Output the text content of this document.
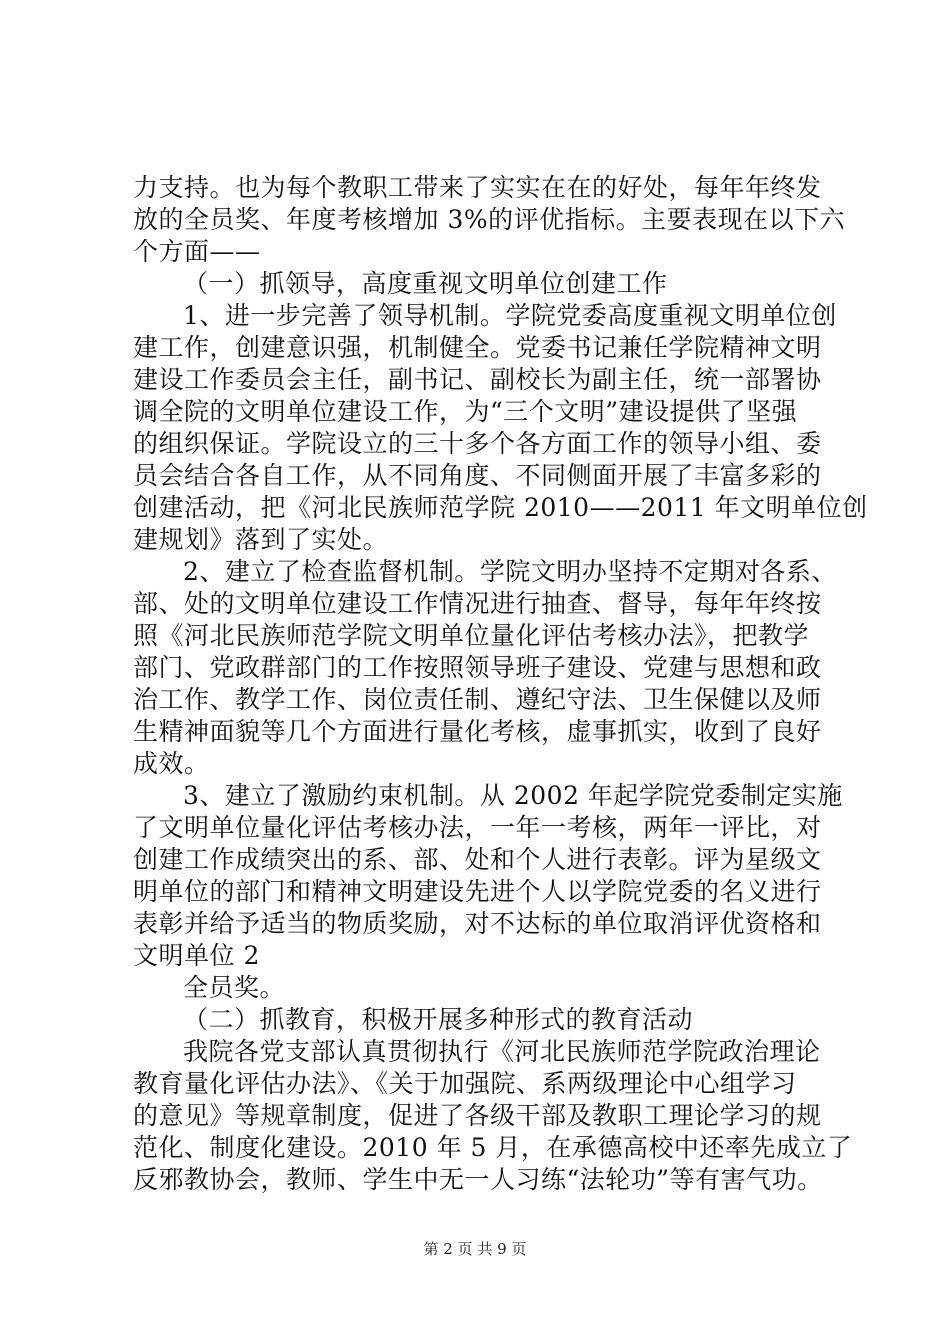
力支持。也为每个教职工带来了实实在在的好处，每年年终发
放的全员奖、年度考核增加 3%的评优指标。主要表现在以下六
个方面——
（一）抓领导，高度重视文明单位创建工作
1、进一步完善了领导机制。学院党委高度重视文明单位创
建工作，创建意识强，机制健全。党委书记兼任学院精神文明
建设工作委员会主任，副书记、副校长为副主任，统一部署协
调全院的文明单位建设工作，为“三个文明”建设提供了坚强
的组织保证。学院设立的三十多个各方面工作的领导小组、委
员会结合各自工作，从不同角度、不同侧面开展了丰富多彩的
创建活动，把《河北民族师范学院 2010——2011 年文明单位创
建规划》落到了实处。
2、建立了检查监督机制。学院文明办坚持不定期对各系、
部、处的文明单位建设工作情况进行抽查、督导，每年年终按
照《河北民族师范学院文明单位量化评估考核办法》，把教学
部门、党政群部门的工作按照领导班子建设、党建与思想和政
治工作、教学工作、岗位责任制、遵纪守法、卫生保健以及师
生精神面貌等几个方面进行量化考核，虚事抓实，收到了良好
成效。
3、建立了激励约束机制。从 2002 年起学院党委制定实施
了文明单位量化评估考核办法，一年一考核，两年一评比，对
创建工作成绩突出的系、部、处和个人进行表彰。评为星级文
明单位的部门和精神文明建设先进个人以学院党委的名义进行
表彰并给予适当的物质奖励，对不达标的单位取消评优资格和
文明单位 2
全员奖。
（二）抓教育，积极开展多种形式的教育活动
我院各党支部认真贯彻执行《河北民族师范学院政治理论
教育量化评估办法》、《关于加强院、系两级理论中心组学习
的意见》等规章制度，促进了各级干部及教职工理论学习的规
范化、制度化建设。2010 年 5 月，在承德高校中还率先成立了
反邪教协会，教师、学生中无一人习练“法轮功”等有害气功。
第 2 页 共 9 页
